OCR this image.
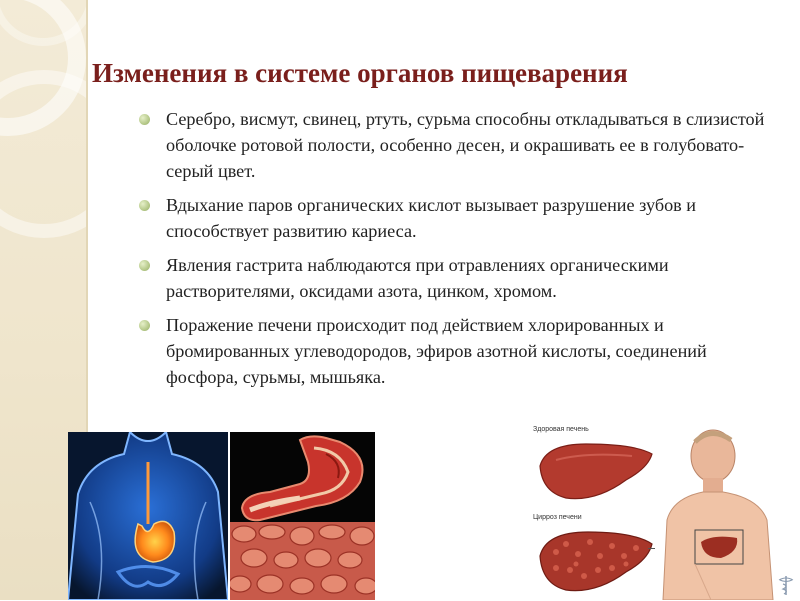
Изменения в системе органов пищеварения
Серебро, висмут, свинец, ртуть, сурьма способны откладываться в слизистой оболочке ротовой полости, особенно десен, и окрашивать ее в голубовато-серый цвет.
Вдыхание паров органических кислот вызывает разрушение зубов и способствует развитию кариеса.
Явления гастрита наблюдаются при отравлениях органическими растворителями, оксидами азота, цинком, хромом.
Поражение печени происходит под действием хлорированных и бромированных углеводородов, эфиров азотной кислоты, соединений фосфора, сурьмы, мышьяка.
Здоровая печень
Цирроз печени
